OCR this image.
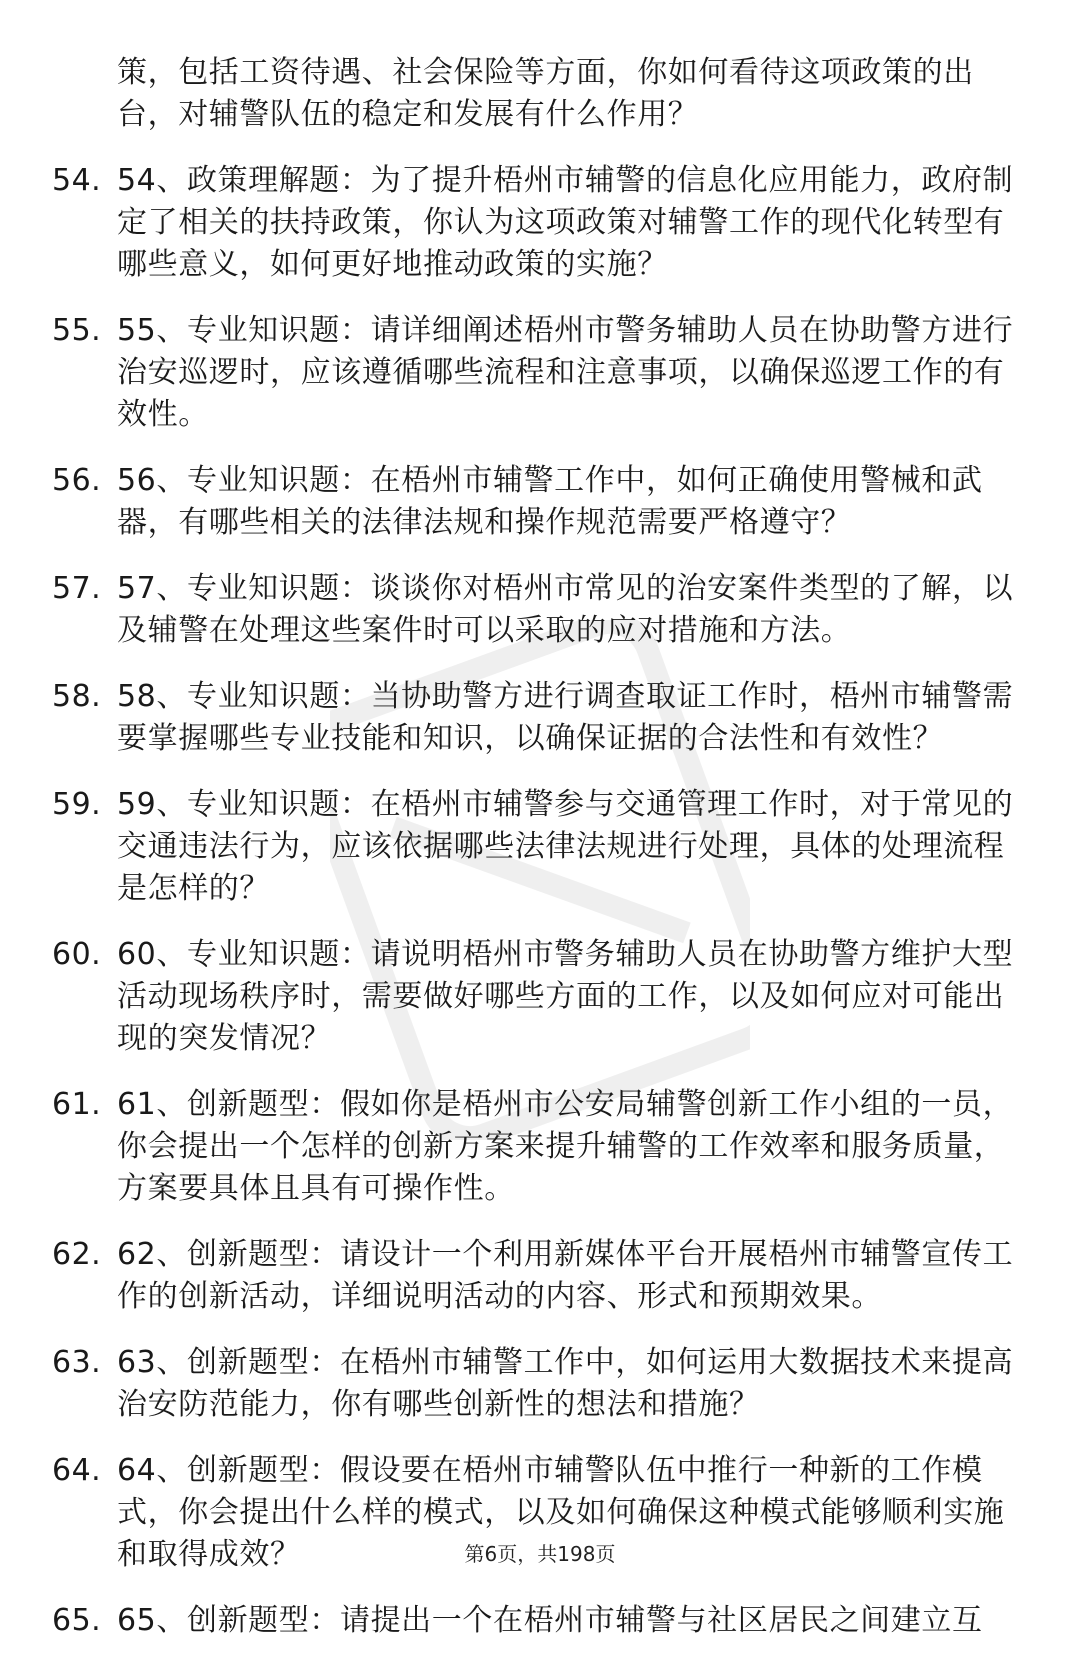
策，包括工资待遇、社会保险等方面，你如何看待这项政策的出台，对辅警队伍的稳定和发展有什么作用？
54. 54、政策理解题：为了提升梧州市辅警的信息化应用能力，政府制定了相关的扶持政策，你认为这项政策对辅警工作的现代化转型有哪些意义，如何更好地推动政策的实施？
55. 55、专业知识题：请详细阐述梧州市警务辅助人员在协助警方进行治安巡逻时，应该遵循哪些流程和注意事项，以确保巡逻工作的有效性。
56. 56、专业知识题：在梧州市辅警工作中，如何正确使用警械和武器，有哪些相关的法律法规和操作规范需要严格遵守？
57. 57、专业知识题：谈谈你对梧州市常见的治安案件类型的了解，以及辅警在处理这些案件时可以采取的应对措施和方法。
58. 58、专业知识题：当协助警方进行调查取证工作时，梧州市辅警需要掌握哪些专业技能和知识，以确保证据的合法性和有效性？
59. 59、专业知识题：在梧州市辅警参与交通管理工作时，对于常见的交通违法行为，应该依据哪些法律法规进行处理，具体的处理流程是怎样的？
60. 60、专业知识题：请说明梧州市警务辅助人员在协助警方维护大型活动现场秩序时，需要做好哪些方面的工作，以及如何应对可能出现的突发情况？
61. 61、创新题型：假如你是梧州市公安局辅警创新工作小组的一员，你会提出一个怎样的创新方案来提升辅警的工作效率和服务质量，方案要具体且具有可操作性。
62. 62、创新题型：请设计一个利用新媒体平台开展梧州市辅警宣传工作的创新活动，详细说明活动的内容、形式和预期效果。
63. 63、创新题型：在梧州市辅警工作中，如何运用大数据技术来提高治安防范能力，你有哪些创新性的想法和措施？
64. 64、创新题型：假设要在梧州市辅警队伍中推行一种新的工作模式，你会提出什么样的模式，以及如何确保这种模式能够顺利实施和取得成效？
65. 65、创新题型：请提出一个在梧州市辅警与社区居民之间建立互
第6页，共198页
